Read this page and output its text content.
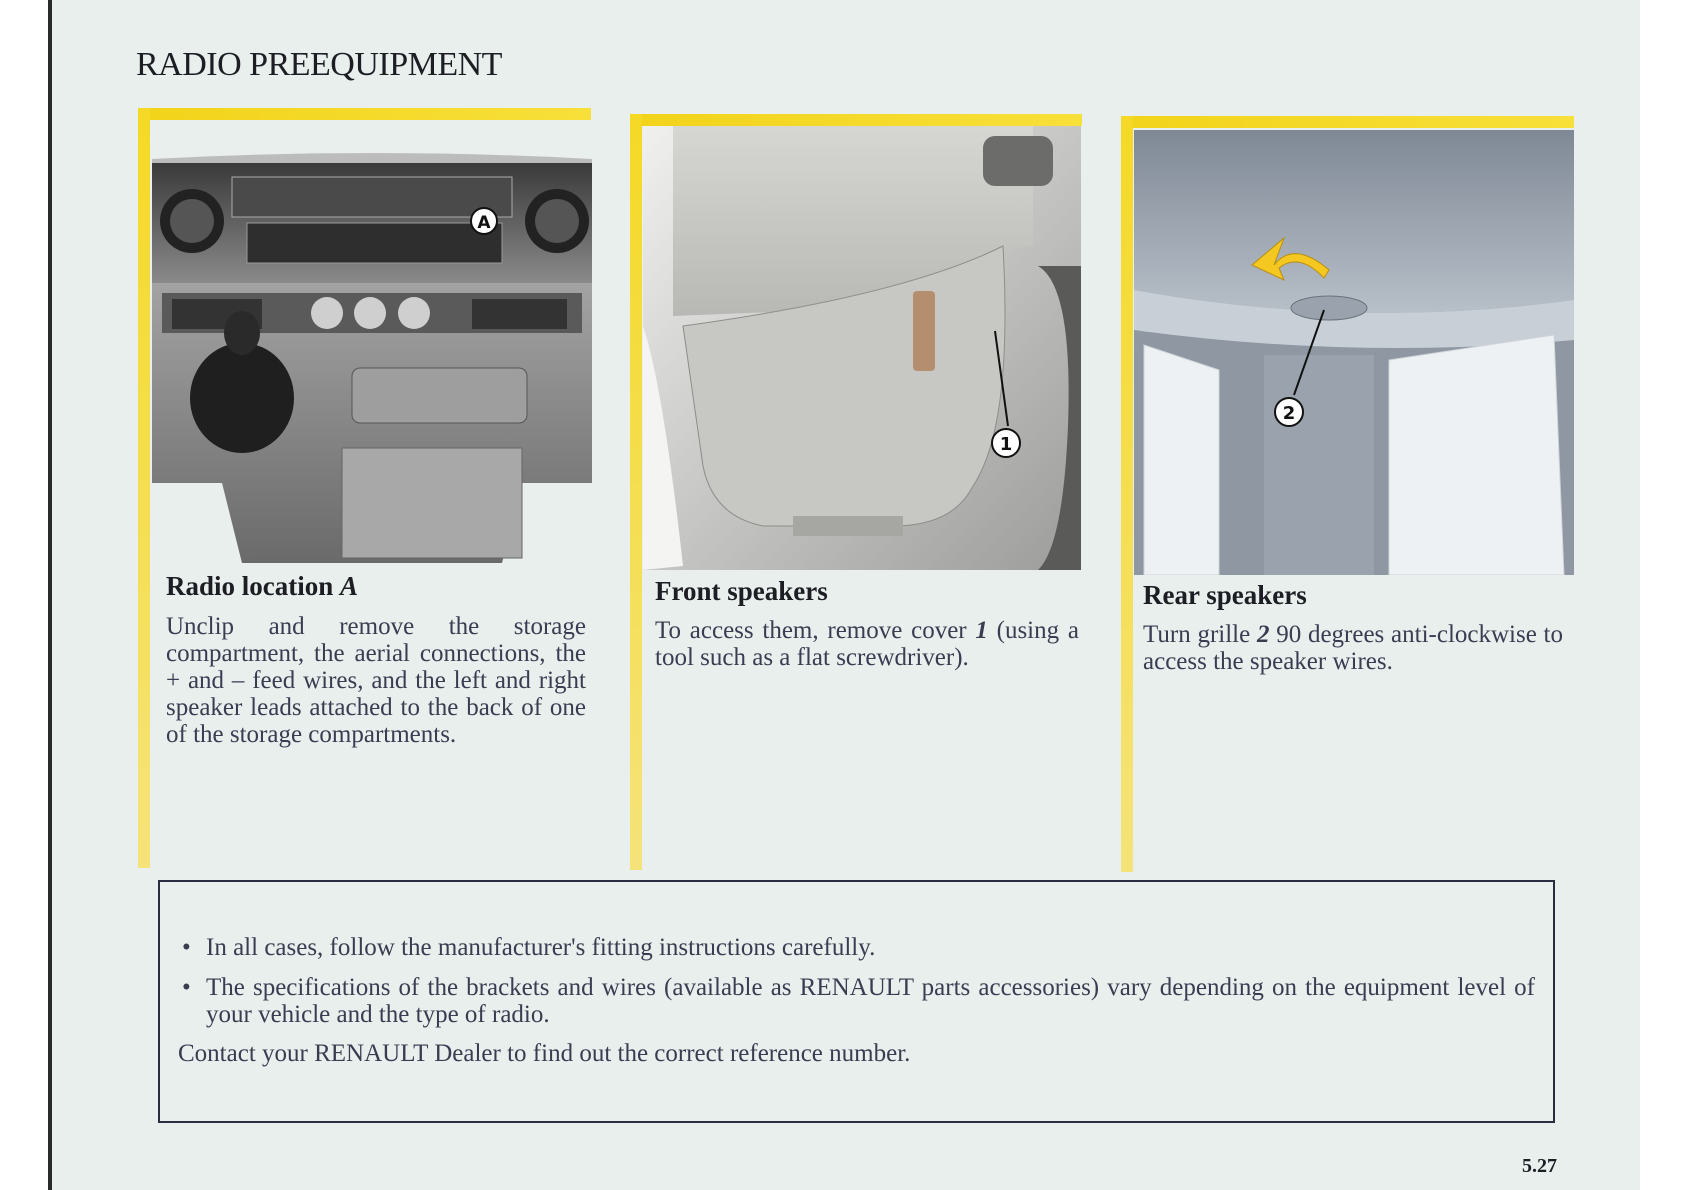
RADIO PREEQUIPMENT
A
Radio location A
Unclip and remove the storage compartment, the aerial connections, the + and – feed wires, and the left and right speaker leads attached to the back of one of the storage compartments.
1
Front speakers
To access them, remove cover 1 (using a tool such as a flat screwdriver).
2
Rear speakers
Turn grille 2 90 degrees anti-clockwise to access the speaker wires.
• In all cases, follow the manufacturer's fitting instructions carefully.
• The specifications of the brackets and wires (available as RENAULT parts accessories) vary depending on the equipment level of your vehicle and the type of radio.
Contact your RENAULT Dealer to find out the correct reference number.
5.27
